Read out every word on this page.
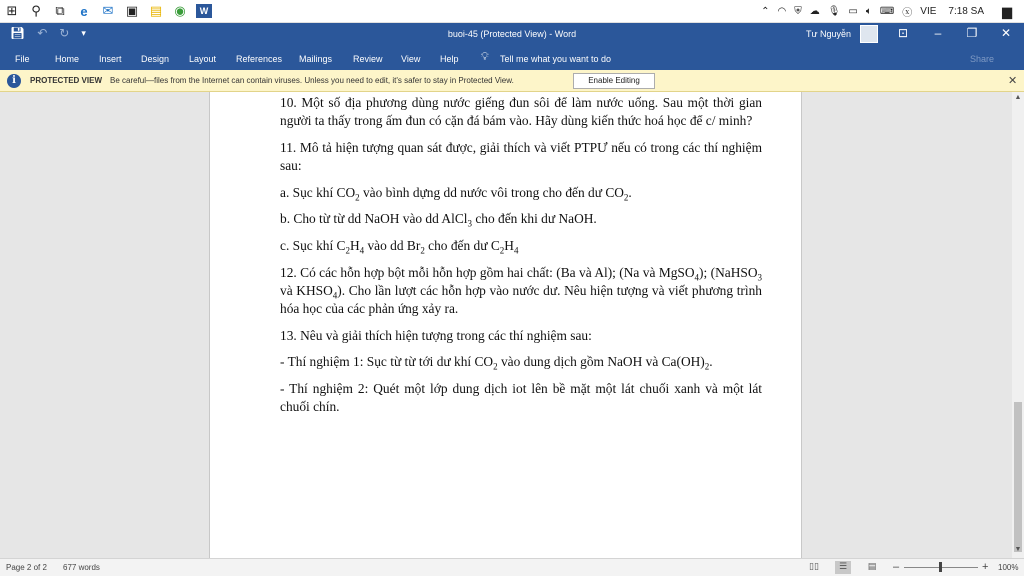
⊞	⚲	⧉	e	✉ ▣ ▤ ◉	W	⌃ ◠ ⛨ ☁ 🎙︎ ▭ 🔈︎ ⌨ ⓧ VIE 7:18 SA ▆
💾︎ ↶ ↻ ▾	buoi-45 (Protected View) - Word	Tư Nguyễn	⊡	–	❐	✕
File	Home Insert Design Layout References Mailings Review View Help 💡︎ Tell me what you want to do	Share
i	PROTECTED VIEW Be careful—files from the Internet can contain viruses. Unless you need to edit, it's safer to stay in Protected View.	Enable Editing	✕

10. Một số địa phương dùng nước giếng đun sôi để làm nước uống. Sau một thời gian người ta thấy trong ấm đun có cặn đá bám vào. Hãy dùng kiến thức hoá học để c/ minh?

11. Mô tả hiện tượng quan sát được, giải thích và viết PTPƯ nếu có trong các thí nghiệm sau:

a. Sục khí $CO_2$ vào bình dựng dd nước vôi trong cho đến dư $CO_2$.

b. Cho từ từ dd NaOH vào dd AlCl$_3$ cho đến khi dư NaOH.

c. Sục khí $C_2H_4$ vào dd $Br_2$ cho đến dư $C_2H_4$

12. Có các hỗn hợp bột mỗi hỗn hợp gồm hai chất: (Ba và Al); (Na và MgSO$_4$); (NaHSO$_3$ và $KHSO_4$). Cho lần lượt các hỗn hợp vào nước dư. Nêu hiện tượng và viết phương trình hóa học của các phản ứng xảy ra.

13. Nêu và giải thích hiện tượng trong các thí nghiệm sau:

- Thí nghiệm 1: Sục từ từ tới dư khí $CO_2$ vào dung dịch gồm NaOH và $Ca(OH)_2$.

- Thí nghiệm 2: Quét một lớp dung dịch iot lên bề mặt một lát chuối xanh và một lát chuối chín.

▲
▼
Page 2 of 2 677 words	▯▯	☰	▤	–	+ 100%
